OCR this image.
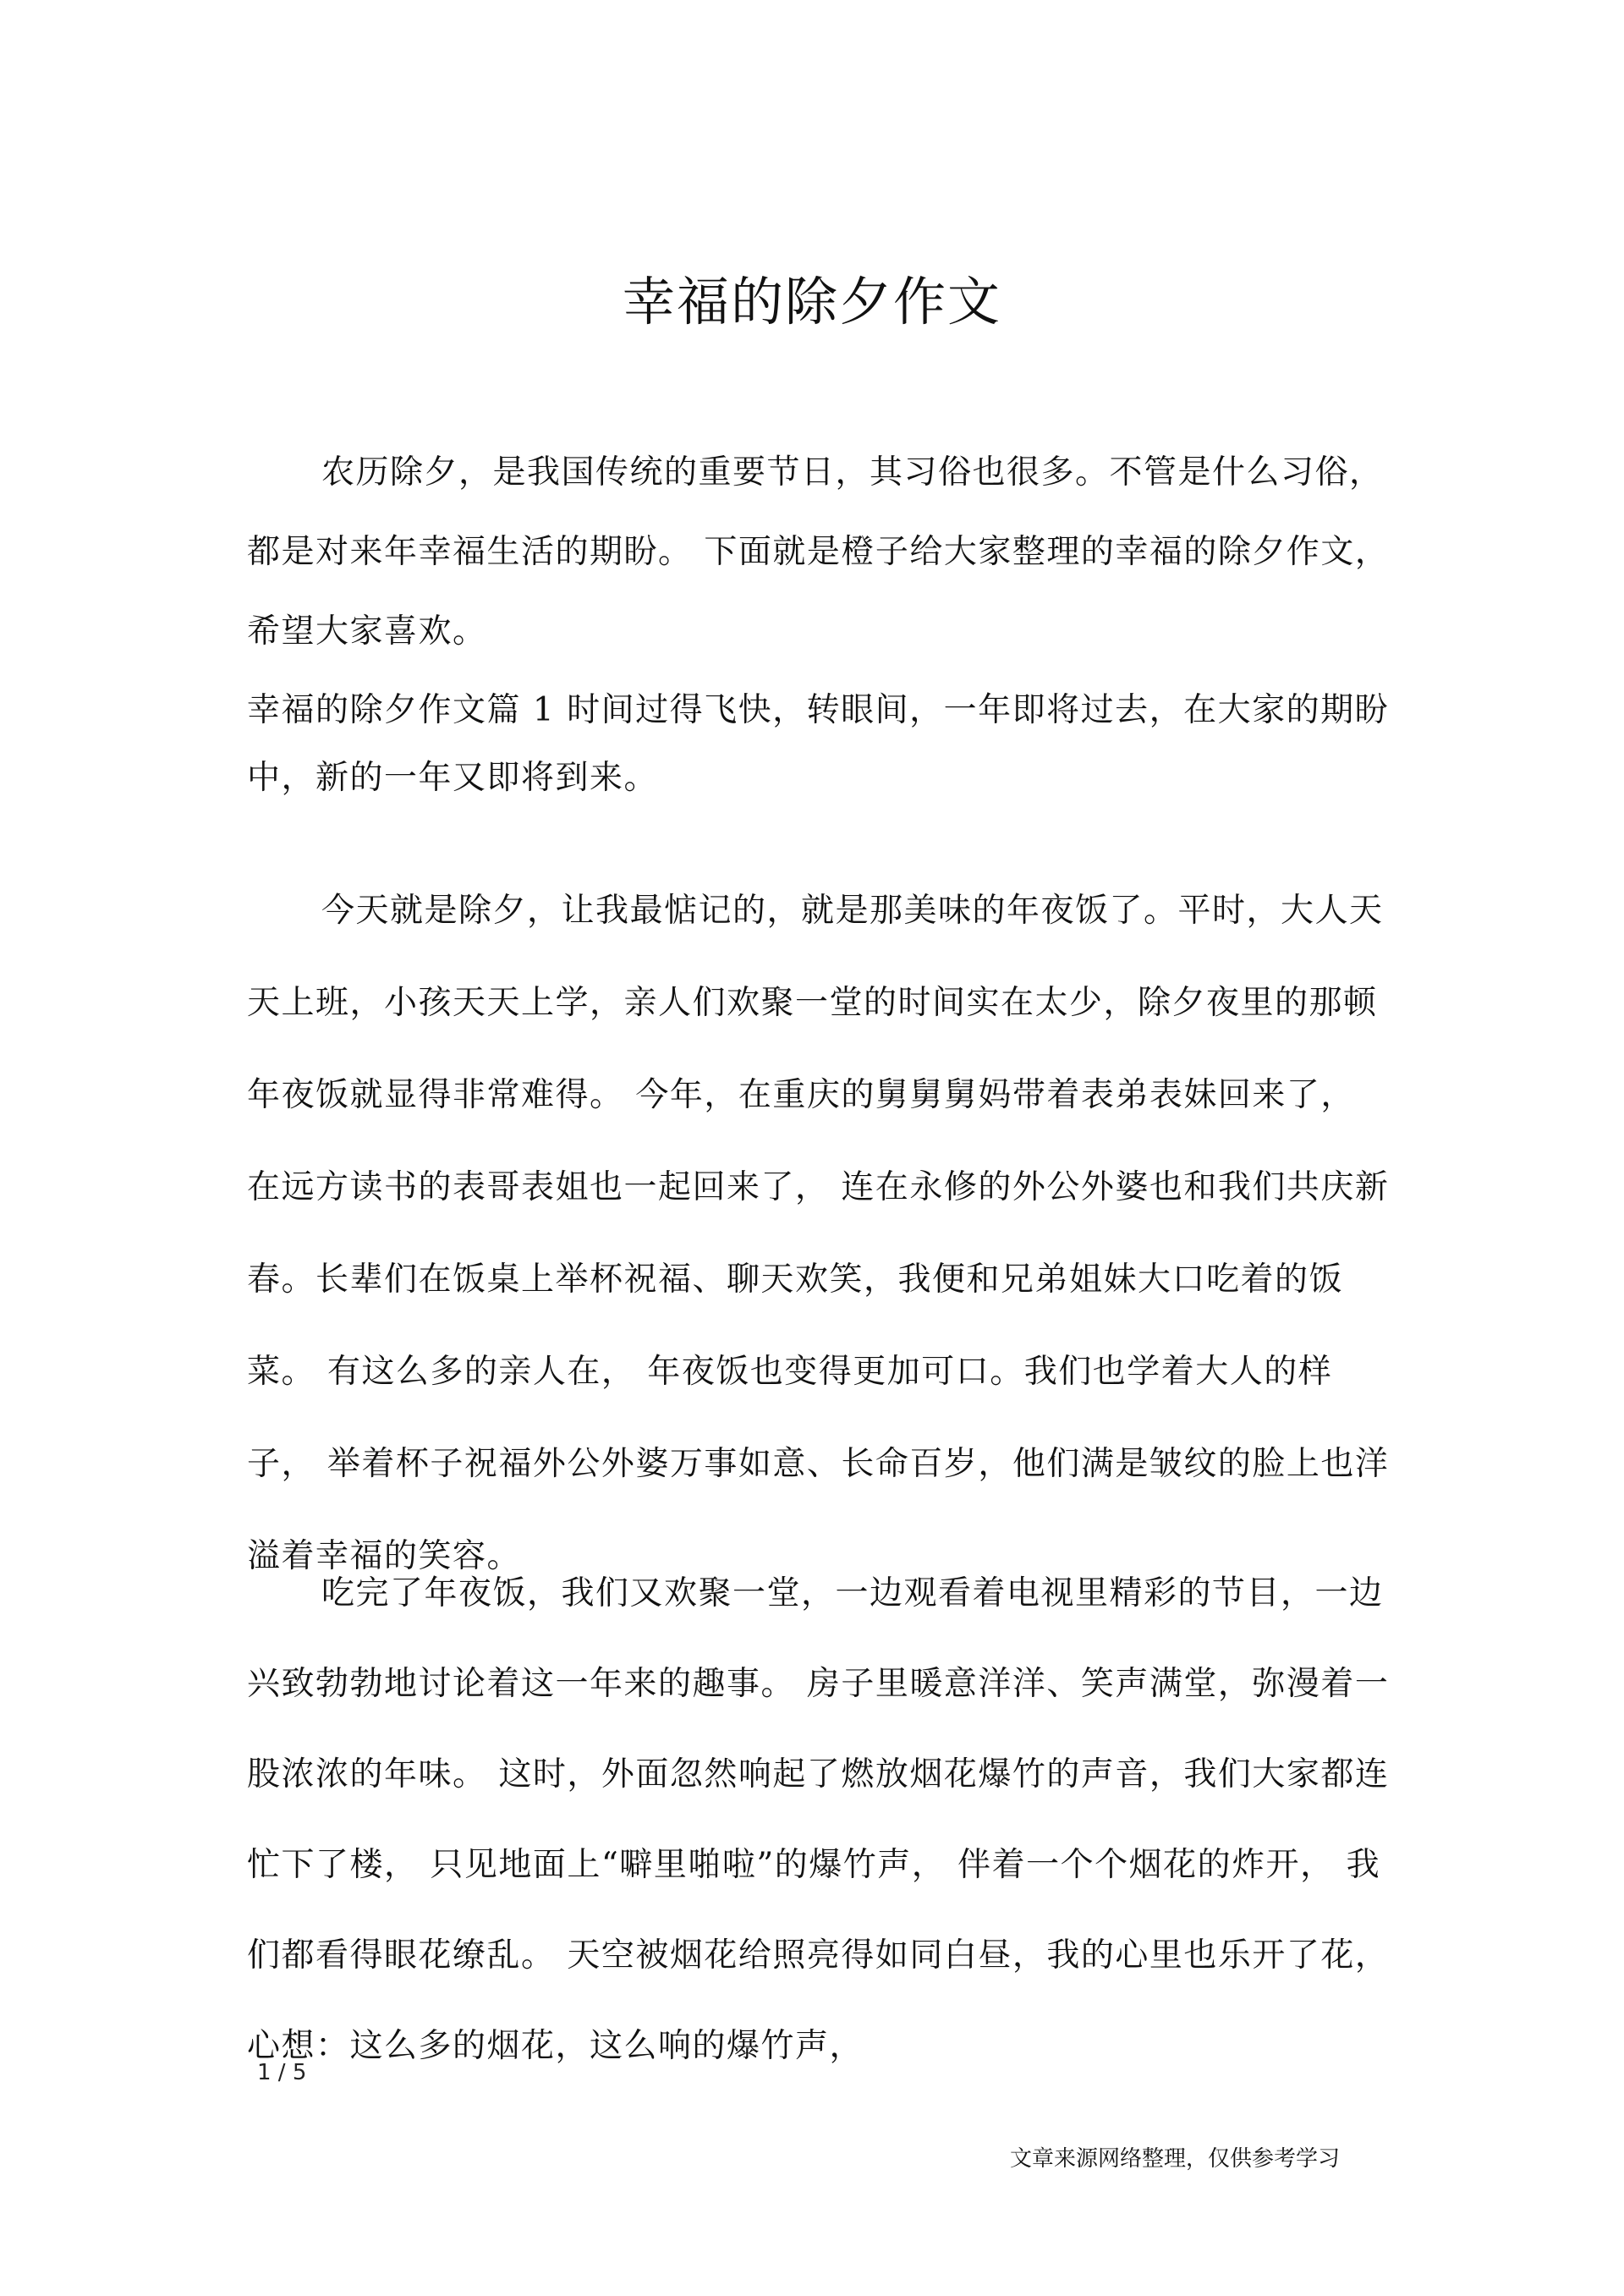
幸福的除夕作文

农历除夕，是我国传统的重要节日，其习俗也很多。不管是什么习俗，都是对来年幸福生活的期盼。 下面就是橙子给大家整理的幸福的除夕作文，希望大家喜欢。

幸福的除夕作文篇 1 时间过得飞快，转眼间，一年即将过去，在大家的期盼中，新的一年又即将到来。

今天就是除夕，让我最惦记的，就是那美味的年夜饭了。平时，大人天天上班，小孩天天上学，亲人们欢聚一堂的时间实在太少，除夕夜里的那顿年夜饭就显得非常难得。 今年，在重庆的舅舅舅妈带着表弟表妹回来了， 在远方读书的表哥表姐也一起回来了， 连在永修的外公外婆也和我们共庆新春。长辈们在饭桌上举杯祝福、聊天欢笑，我便和兄弟姐妹大口吃着的饭菜。 有这么多的亲人在， 年夜饭也变得更加可口。我们也学着大人的样子， 举着杯子祝福外公外婆万事如意、长命百岁，他们满是皱纹的脸上也洋溢着幸福的笑容。

吃完了年夜饭，我们又欢聚一堂，一边观看着电视里精彩的节目，一边兴致勃勃地讨论着这一年来的趣事。 房子里暖意洋洋、笑声满堂，弥漫着一股浓浓的年味。 这时，外面忽然响起了燃放烟花爆竹的声音，我们大家都连忙下了楼， 只见地面上“噼里啪啦”的爆竹声， 伴着一个个烟花的炸开， 我们都看得眼花缭乱。 天空被烟花给照亮得如同白昼，我的心里也乐开了花，心想：这么多的烟花，这么响的爆竹声，

1 / 5

文章来源网络整理，仅供参考学习
